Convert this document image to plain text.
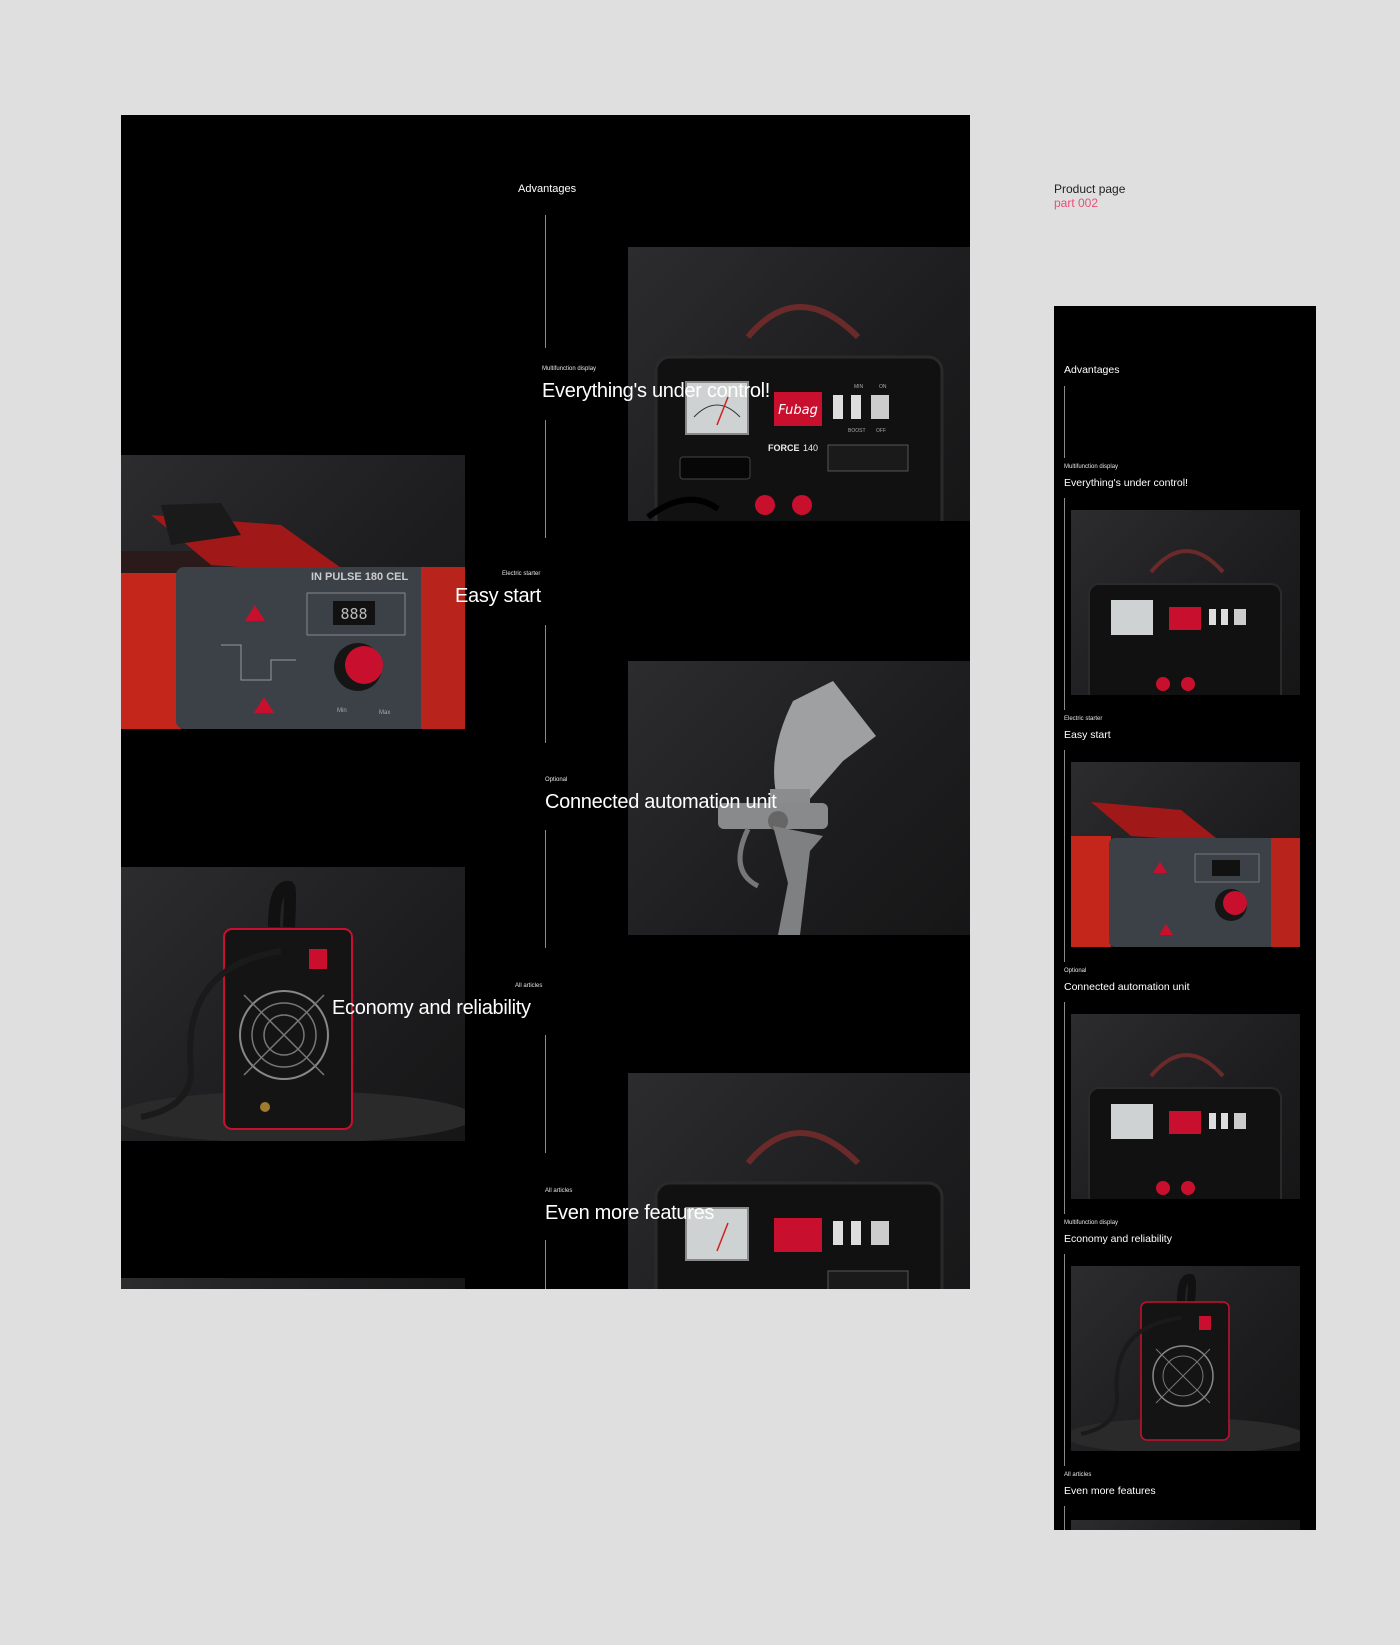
Product page
part 002
Advantages
Fubag
MIN	ON
BOOST OFF
FORCE 140
IN PULSE 180 CEL
888
Min	Max
Multifunction display
Everything's under control!
Electric starter
Easy start
Optional
Connected automation unit
All articles
Economy and reliability
All articles
Even more features
Advantages
Multifunction display
Everything's under control!
Electric starter
Easy start
Optional
Connected automation unit
Multifunction display
Economy and reliability
All articles
Even more features
